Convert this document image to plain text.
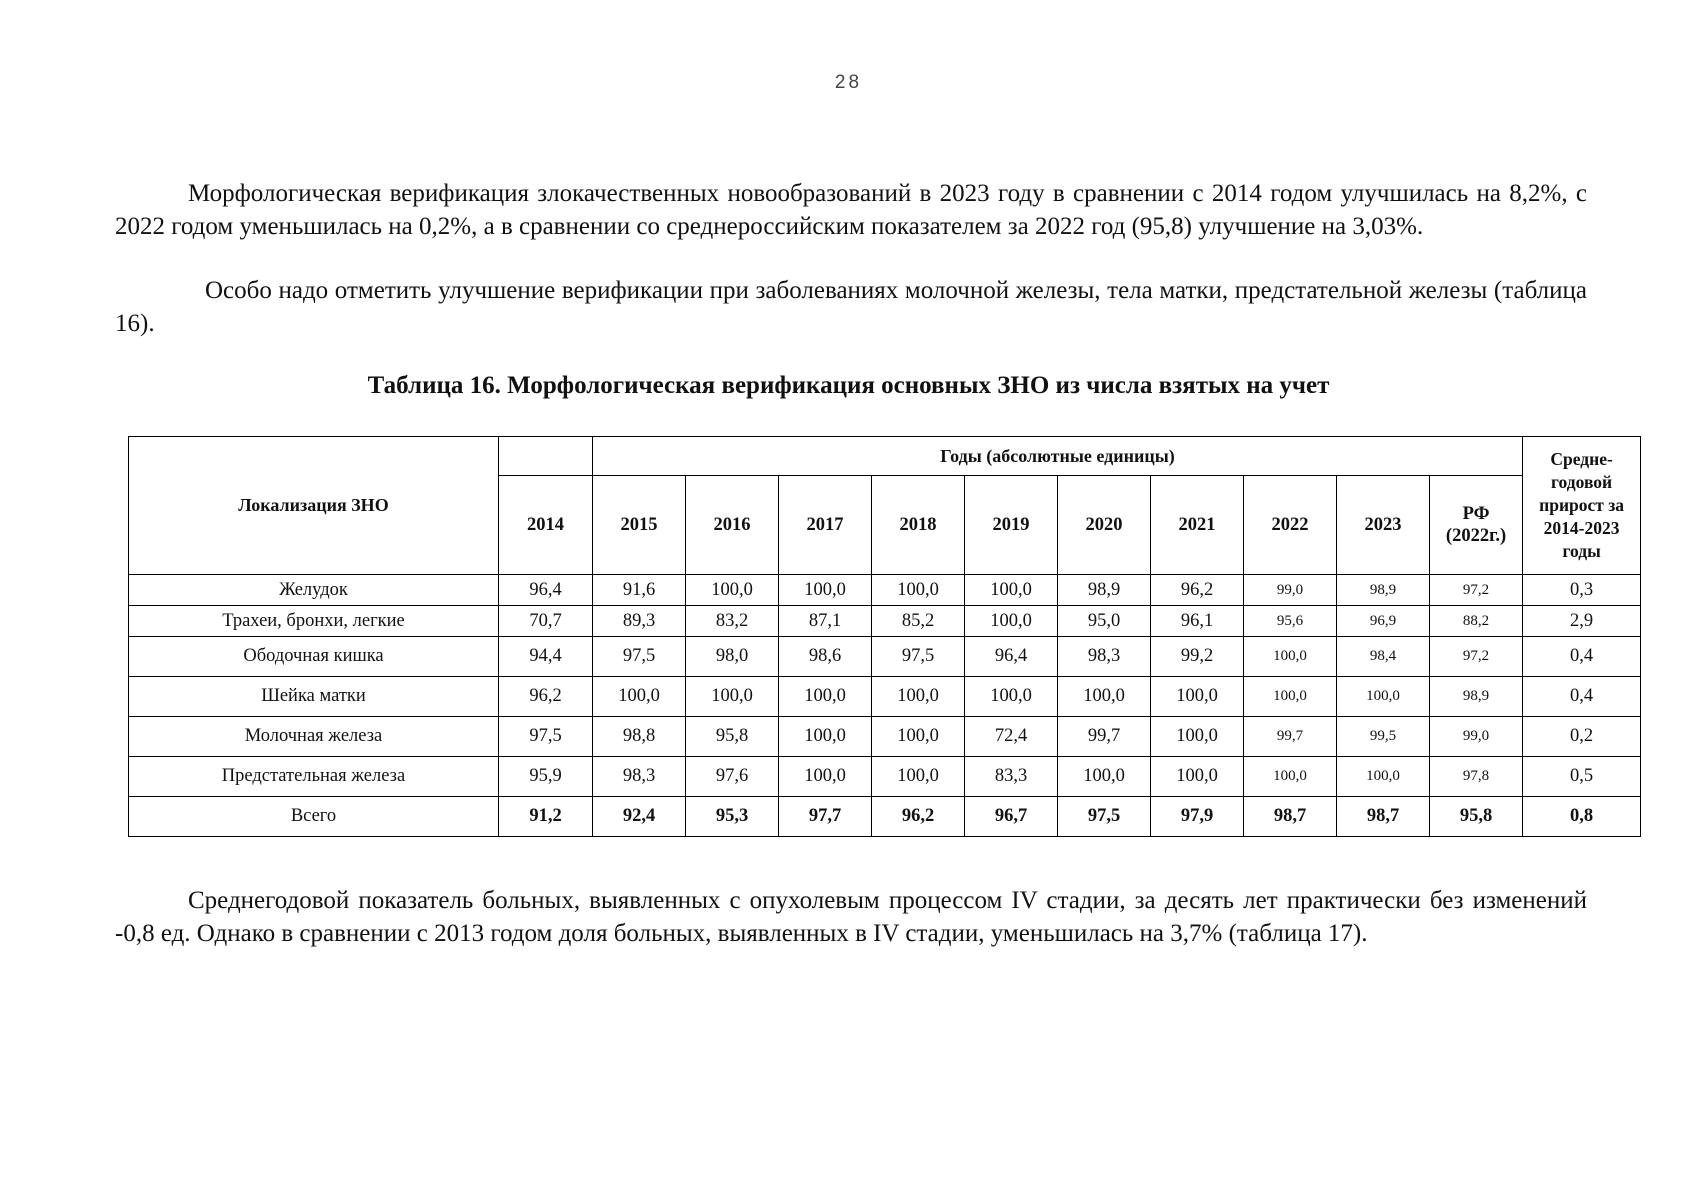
28

Морфологическая верификация злокачественных новообразований в 2023 году в сравнении с 2014 годом улучшилась на 8,2%, с 2022 годом уменьшилась на 0,2%, а в сравнении со среднероссийским показателем за 2022 год (95,8) улучшение на 3,03%.

Особо надо отметить улучшение верификации при заболеваниях молочной железы, тела матки, предстательной железы (таблица 16).

Таблица 16. Морфологическая верификация основных ЗНО из числа взятых на учет
Локализация ЗНО		Годы (абсолютные единицы)										Средне-годовой прирост за 2014-2023 годы
	2014	2015	2016	2017	2018	2019	2020	2021	2022	2023	РФ
(2022г.)	

Желудок	96,4	91,6	100,0	100,0	100,0	100,0	98,9	96,2	99,0	98,9	97,2	0,3
Трахеи, бронхи, легкие	70,7	89,3	83,2	87,1	85,2	100,0	95,0	96,1	95,6	96,9	88,2	2,9
Ободочная кишка	94,4	97,5	98,0	98,6	97,5	96,4	98,3	99,2	100,0	98,4	97,2	0,4
Шейка матки	96,2	100,0	100,0	100,0	100,0	100,0	100,0	100,0	100,0	100,0	98,9	0,4
Молочная железа	97,5	98,8	95,8	100,0	100,0	72,4	99,7	100,0	99,7	99,5	99,0	0,2
Предстательная железа	95,9	98,3	97,6	100,0	100,0	83,3	100,0	100,0	100,0	100,0	97,8	0,5
Всего	91,2	92,4	95,3	97,7	96,2	96,7	97,5	97,9	98,7	98,7	95,8	0,8

Среднегодовой показатель больных, выявленных с опухолевым процессом IV стадии, за десять лет практически без изменений -0,8 ед. Однако в сравнении с 2013 годом доля больных, выявленных в IV стадии, уменьшилась на 3,7% (таблица 17).
